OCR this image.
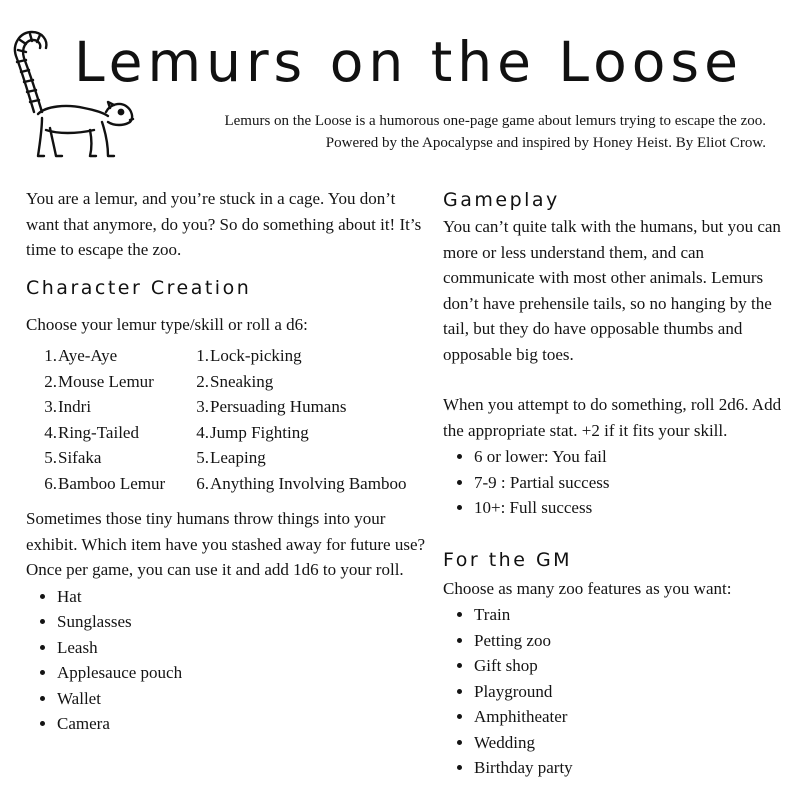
Lemurs on the Loose

Lemurs on the Loose is a humorous one-page game about lemurs trying to escape the zoo.

Powered by the Apocalypse and inspired by Honey Heist. By Eliot Crow.

You are a lemur, and you’re stuck in a cage. You don’t want that anymore, do you? So do something about it! It’s time to escape the zoo.

Character Creation

Choose your lemur type/skill or roll a d6:

1. Aye-Aye
2. Mouse Lemur
3. Indri
4. Ring-Tailed
5. Sifaka
6. Bamboo Lemur
1. Lock-picking
2. Sneaking
3. Persuading Humans
4. Jump Fighting
5. Leaping
6. Anything Involving Bamboo

Sometimes those tiny humans throw things into your exhibit. Which item have you stashed away for future use? Once per game, you can use it and add 1d6 to your roll.

• Hat
• Sunglasses
• Leash
• Applesauce pouch
• Wallet
• Camera
Gameplay

You can’t quite talk with the humans, but you can more or less understand them, and can communicate with most other animals. Lemurs don’t have prehensile tails, so no hanging by the tail, but they do have opposable thumbs and opposable big toes.

When you attempt to do something, roll 2d6. Add the appropriate stat. +2 if it fits your skill.

• 6 or lower: You fail
• 7-9 : Partial success
• 10+: Full success
For the GM

Choose as many zoo features as you want:

• Train
• Petting zoo
• Gift shop
• Playground
• Amphitheater
• Wedding
• Birthday party
